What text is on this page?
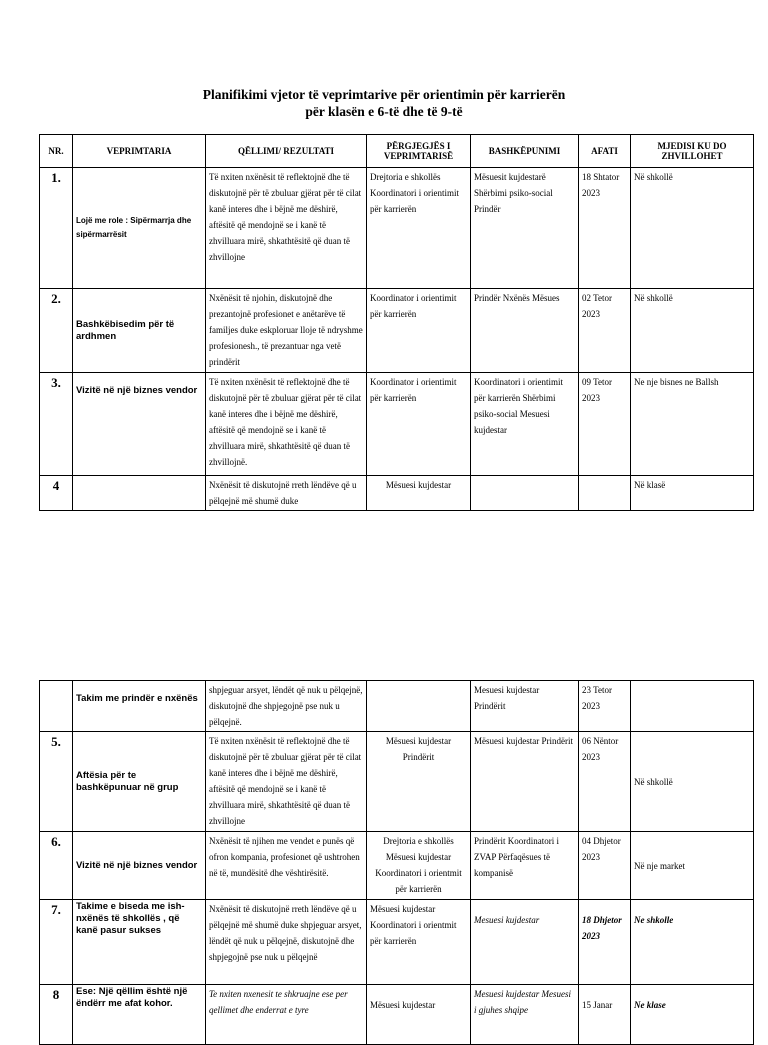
Planifikimi vjetor të veprimtarive për orientimin për karrierën
për klasën e 6-të dhe të 9-të
NR.	VEPRIMTARIA	QËLLIMI/ REZULTATI	PËRGJEGJËS I VEPRIMTARISË	BASHKËPUNIMI	AFATI	MJEDISI KU DO ZHVILLOHET
1.	Lojë me role : Sipërmarrja dhe sipërmarrësit	Të nxiten nxënësit të reflektojnë dhe të diskutojnë për të zbuluar gjërat për të cilat kanë interes dhe i bëjnë me dëshirë, aftësitë që mendojnë se i kanë të zhvilluara mirë, shkathtësitë që duan të zhvillojne	Drejtoria e shkollës Koordinatori i orientimit për karrierën	Mësuesit kujdestarë Shërbimi psiko-social Prindër	18 Shtator 2023	Në shkollë
2.	Bashkëbisedim për të ardhmen	Nxënësit të njohin, diskutojnë dhe prezantojnë profesionet e anëtarëve të familjes duke eskploruar lloje të ndryshme profesionesh., të prezantuar nga vetë prindërit	Koordinator i orientimit për karrierën	Prindër Nxënës Mësues	02 Tetor 2023	Në shkollë
3.	Vizitë në një biznes vendor	Të nxiten nxënësit të reflektojnë dhe të diskutojnë për të zbuluar gjërat për të cilat kanë interes dhe i bëjnë me dëshirë, aftësitë që mendojnë se i kanë të zhvilluara mirë, shkathtësitë që duan të zhvillojnë.	Koordinator i orientimit për karrierën	Koordinatori i orientimit për karrierën Shërbimi psiko-social Mesuesi kujdestar	09 Tetor 2023	Ne nje bisnes ne Ballsh
4		Nxënësit të diskutojnë rreth lëndëve që u pëlqejnë më shumë duke	Mësuesi kujdestar			Në klasë
	Takim me prindër e nxënës	shpjeguar arsyet, lëndët që nuk u pëlqejnë, diskutojnë dhe shpjegojnë pse nuk u pëlqejnë.		Mesuesi kujdestar   Prindërit	23 Tetor 2023	
5.	Aftësia për te bashkëpunuar në grup	Të nxiten nxënësit të reflektojnë dhe të diskutojnë për të zbuluar gjërat për të cilat kanë interes dhe i bëjnë me dëshirë, aftësitë që mendojnë se i kanë të zhvilluara mirë, shkathtësitë që duan të zhvillojne	Mësuesi kujdestar Prindërit	Mësuesi kujdestar Prindërit	06 Nëntor 2023	Në shkollë
6.	Vizitë në një biznes vendor	Nxënësit të njihen me vendet e punës që ofron kompania, profesionet që ushtrohen në të, mundësitë dhe vështirësitë.	Drejtoria e shkollës Mësuesi kujdestar Koordinatori i orientmit për karrierën	Prindërit Koordinatori i ZVAP Përfaqësues të kompanisë	04 Dhjetor 2023	Në nje market
7.	Takime e biseda me ish-nxënës të shkollës , që kanë pasur sukses	Nxënësit të diskutojnë rreth lëndëve që u pëlqejnë më shumë duke shpjeguar arsyet, lëndët që nuk u pëlqejnë, diskutojnë dhe shpjegojnë pse nuk u pëlqejnë	Mësuesi kujdestar Koordinatori i orientmit për karrierën	Mesuesi kujdestar	18 Dhjetor 2023	Ne shkolle
8	Ese: Një qëllim është një ëndërr me afat kohor.	Te nxiten nxenesit te shkruajne ese per qellimet dhe enderrat e tyre	Mësuesi kujdestar	Mesuesi kujdestar Mesuesi i gjuhes shqipe	15 Janar	Ne klase
